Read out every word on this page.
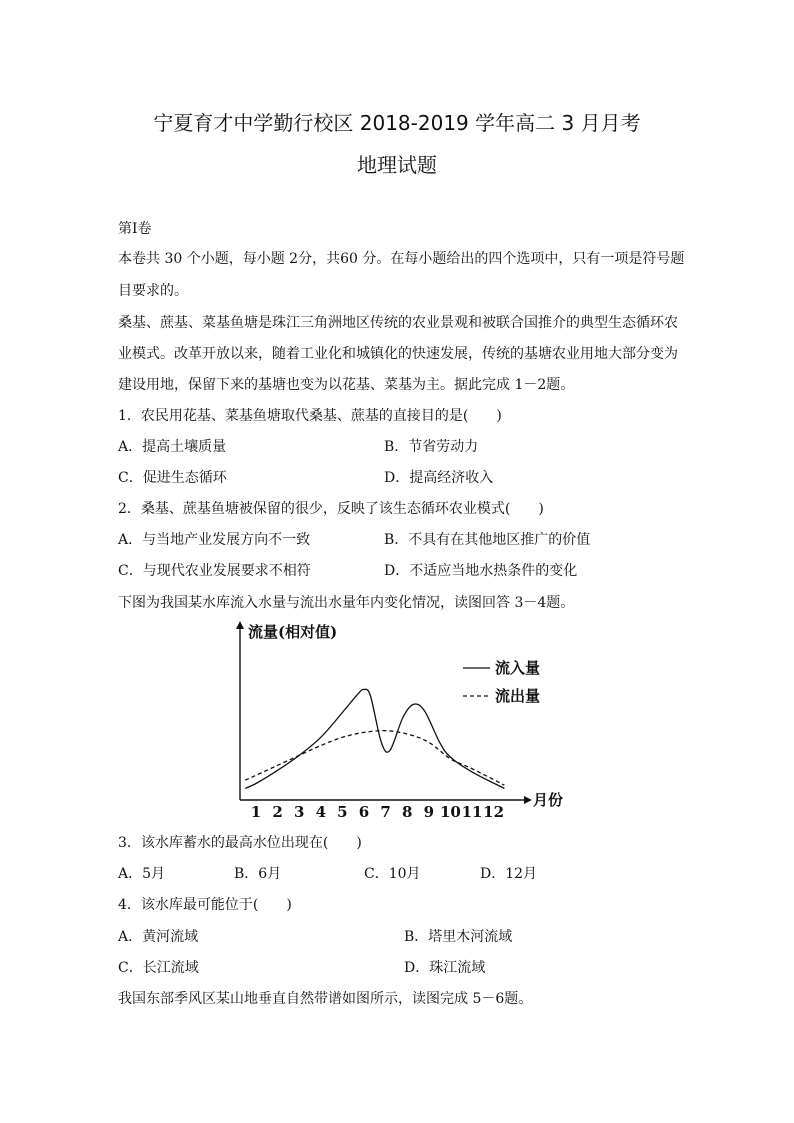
宁夏育才中学勤行校区 2018-2019 学年高二 3 月月考
地理试题
第Ⅰ卷
本卷共 30 个小题，每小题 2分，共60 分。在每小题给出的四个选项中，只有一项是符号题
目要求的。
桑基、蔗基、菜基鱼塘是珠江三角洲地区传统的农业景观和被联合国推介的典型生态循环农
业模式。改革开放以来，随着工业化和城镇化的快速发展，传统的基塘农业用地大部分变为
建设用地，保留下来的基塘也变为以花基、菜基为主。据此完成 1－2题。
1．农民用花基、菜基鱼塘取代桑基、蔗基的直接目的是(　　)
A．提高土壤质量	B．节省劳动力
C．促进生态循环	D．提高经济收入
2．桑基、蔗基鱼塘被保留的很少，反映了该生态循环农业模式(　　)
A．与当地产业发展方向不一致	B．不具有在其他地区推广的价值
C．与现代农业发展要求不相符	D．不适应当地水热条件的变化
下图为我国某水库流入水量与流出水量年内变化情况，读图回答 3－4题。
流量(相对值)
月份
1 2 3 4 5 6 7 8 9 10 11 12
流入量
流出量
3．该水库蓄水的最高水位出现在(　　)
A．5月	B．6月	C．10月	D．12月
4．该水库最可能位于(　　)
A．黄河流域	B．塔里木河流域
C．长江流域	D．珠江流域
我国东部季风区某山地垂直自然带谱如图所示，读图完成 5－6题。
